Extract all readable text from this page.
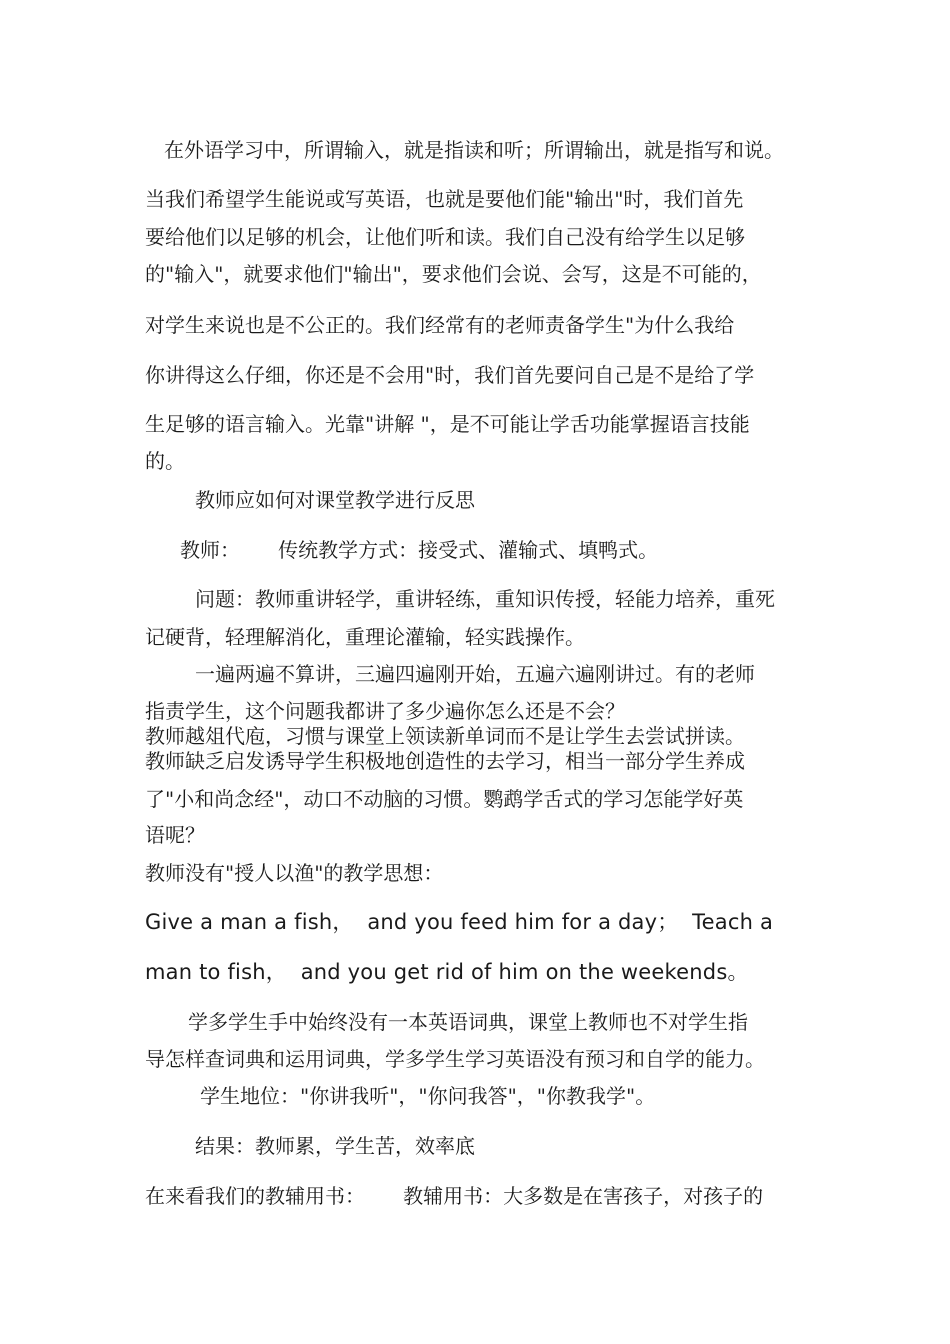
在外语学习中，所谓输入，就是指读和听；所谓输出，就是指写和说。
当我们希望学生能说或写英语，也就是要他们能"输出"时，我们首先
要给他们以足够的机会，让他们听和读。我们自己没有给学生以足够
的"输入"，就要求他们"输出"，要求他们会说、会写，这是不可能的，
对学生来说也是不公正的。我们经常有的老师责备学生"为什么我给
你讲得这么仔细，你还是不会用"时，我们首先要问自己是不是给了学
生足够的语言输入。光靠"讲解 "，是不可能让学舌功能掌握语言技能
的。
教师应如何对课堂教学进行反思
教师：      传统教学方式：接受式、灌输式、填鸭式。
问题：教师重讲轻学，重讲轻练，重知识传授，轻能力培养，重死
记硬背，轻理解消化，重理论灌输，轻实践操作。
一遍两遍不算讲，三遍四遍刚开始，五遍六遍刚讲过。有的老师
指责学生，这个问题我都讲了多少遍你怎么还是不会？
教师越俎代庖，习惯与课堂上领读新单词而不是让学生去尝试拼读。
教师缺乏启发诱导学生积极地创造性的去学习，相当一部分学生养成
了"小和尚念经"，动口不动脑的习惯。鹦鹉学舌式的学习怎能学好英
语呢？
教师没有"授人以渔"的教学思想：
Give a man a fish，  and you feed him for a day；  Teach a
man to fish，  and you get rid of him on the weekends。
学多学生手中始终没有一本英语词典，课堂上教师也不对学生指
导怎样查词典和运用词典，学多学生学习英语没有预习和自学的能力。
学生地位："你讲我听"，"你问我答"，"你教我学"。
结果：教师累，学生苦，效率底
在来看我们的教辅用书：      教辅用书：大多数是在害孩子，对孩子的
